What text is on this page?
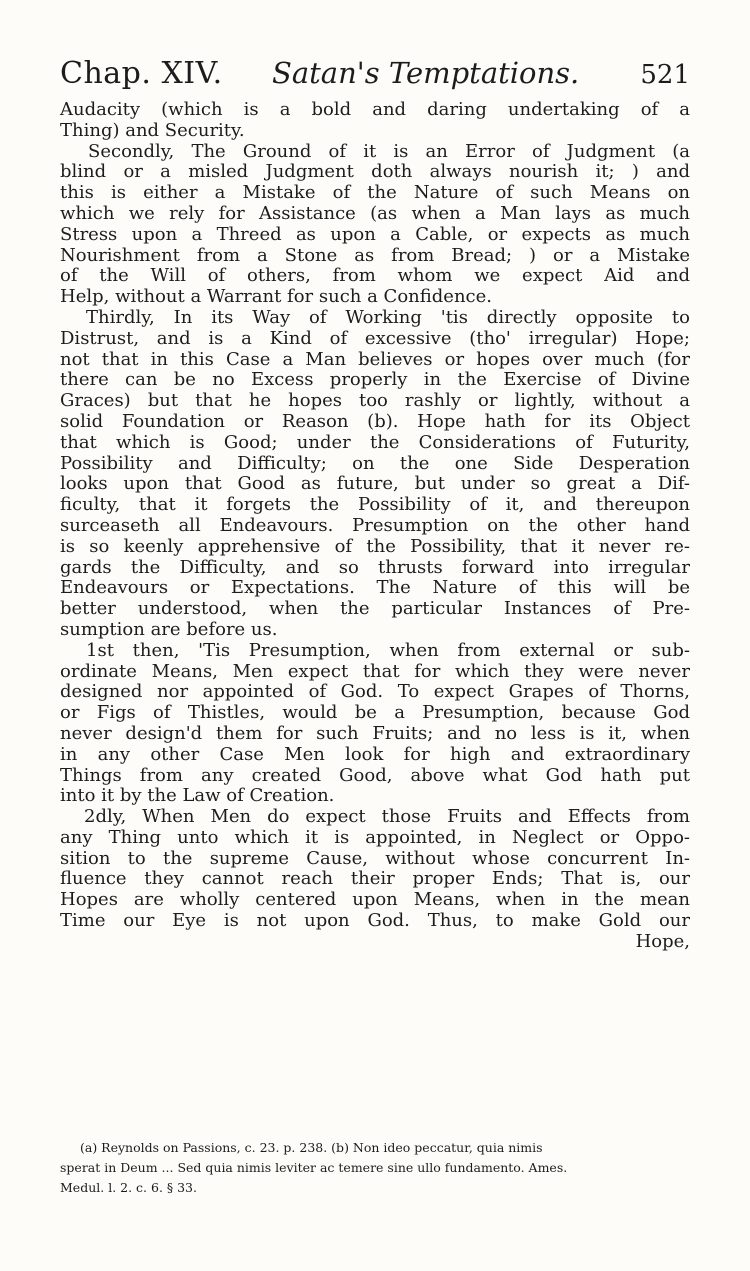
Chap. XIV. Satan's Temptations. 521
Audacity (which is a bold and daring undertaking of a
Thing) and Security.
Secondly, The Ground of it is an Error of Judgment (a
blind or a misled Judgment doth always nourish it; ) and
this is either a Mistake of the Nature of such Means on
which we rely for Assistance (as when a Man lays as much
Stress upon a Threed as upon a Cable, or expects as much
Nourishment from a Stone as from Bread; ) or a Mistake
of the Will of others, from whom we expect Aid and
Help, without a Warrant for such a Confidence.
Thirdly, In its Way of Working 'tis directly opposite to
Distrust, and is a Kind of excessive (tho' irregular) Hope;
not that in this Case a Man believes or hopes over much (for
there can be no Excess properly in the Exercise of Divine
Graces) but that he hopes too rashly or lightly, without a
solid Foundation or Reason (b). Hope hath for its Object
that which is Good; under the Considerations of Futurity,
Possibility and Difficulty; on the one Side Desperation
looks upon that Good as future, but under so great a Dif-
ficulty, that it forgets the Possibility of it, and thereupon
surceaseth all Endeavours. Presumption on the other hand
is so keenly apprehensive of the Possibility, that it never re-
gards the Difficulty, and so thrusts forward into irregular
Endeavours or Expectations. The Nature of this will be
better understood, when the particular Instances of Pre-
sumption are before us.
1st then, 'Tis Presumption, when from external or sub-
ordinate Means, Men expect that for which they were never
designed nor appointed of God. To expect Grapes of Thorns,
or Figs of Thistles, would be a Presumption, because God
never design'd them for such Fruits; and no less is it, when
in any other Case Men look for high and extraordinary
Things from any created Good, above what God hath put
into it by the Law of Creation.
2dly, When Men do expect those Fruits and Effects from
any Thing unto which it is appointed, in Neglect or Oppo-
sition to the supreme Cause, without whose concurrent In-
fluence they cannot reach their proper Ends; That is, our
Hopes are wholly centered upon Means, when in the mean
Time our Eye is not upon God. Thus, to make Gold our
Hope,
(a) Reynolds on Passions, c. 23. p. 238. (b) Non ideo peccatur, quia nimis
sperat in Deum ... Sed quia nimis leviter ac temere sine ullo fundamento. Ames.
Medul. l. 2. c. 6. § 33.
